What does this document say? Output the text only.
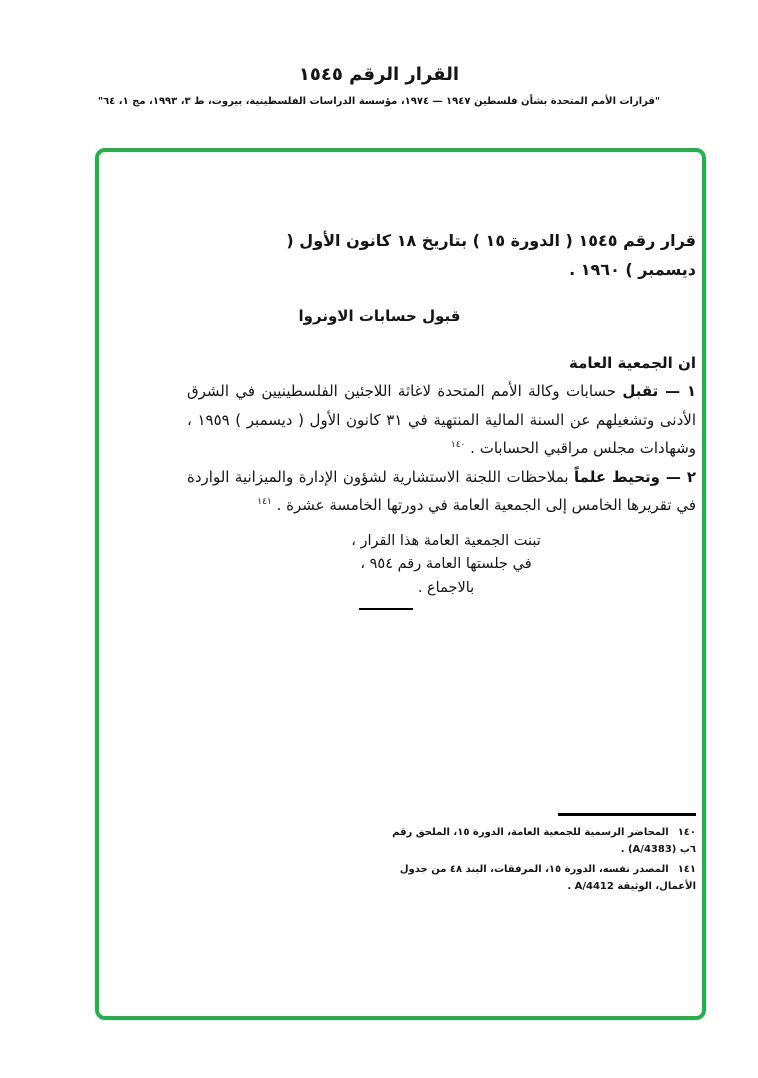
القرار الرقم ١٥٤٥
"قرارات الأمم المتحدة بشأن فلسطين ١٩٤٧ — ١٩٧٤، مؤسسة الدراسات الفلسطينية، بيروت، ط ٣، ١٩٩٣، مج ١، ٦٤"
قرار رقم ١٥٤٥ ( الدورة ١٥ ) بتاريخ ١٨ كانون الأول ( ديسمبر ) ١٩٦٠ .
قبول حسابات الاونروا

ان الجمعية العامة

١ — تقبل حسابات وكالة الأمم المتحدة لاغاثة اللاجئين الفلسطينيين في الشرق الأدنى وتشغيلهم عن السنة المالية المنتهية في ٣١ كانون الأول ( ديسمبر ) ١٩٥٩ ، وشهادات مجلس مراقبي الحسابات . $^{١٤٠}$

٢ — وتحيط علماً بملاحظات اللجنة الاستشارية لشؤون الإدارة والميزانية الواردة في تقريرها الخامس إلى الجمعية العامة في دورتها الخامسة عشرة . $^{١٤١}$

تبنت الجمعية العامة هذا القرار ،

في جلستها العامة رقم ٩٥٤ ،

بالاجماع .

١٤٠المحاضر الرسمية للجمعية العامة، الدورة ١٥، الملحق رقم ٦ب (A/4383) .

١٤١المصدر نفسه، الدورة ١٥، المرفقات، البند ٤٨ من جدول الأعمال، الوثيقة A/4412 .
